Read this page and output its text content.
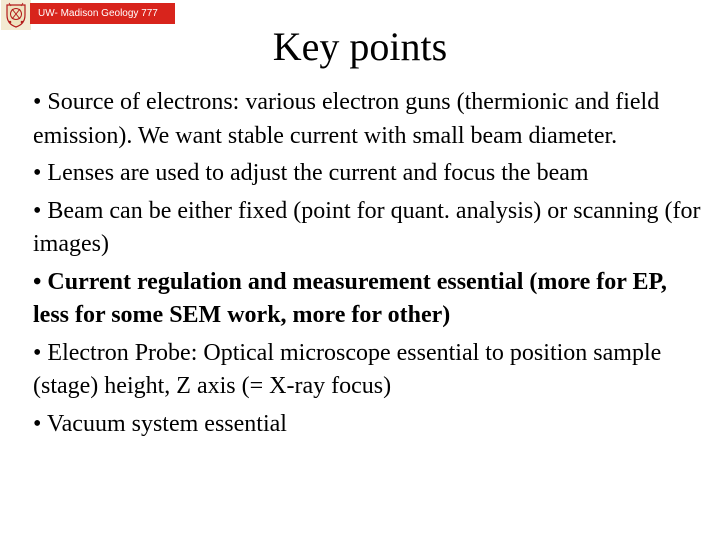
UW- Madison Geology 777
Key points
• Source of electrons: various electron guns (thermionic and field emission). We want stable current with small beam diameter.
• Lenses are used to adjust the current and focus the beam
• Beam can be either fixed (point for quant. analysis) or scanning (for images)
• Current regulation and measurement essential (more for EP, less for some SEM work, more for other)
• Electron Probe: Optical microscope essential to position sample (stage) height, Z axis (= X-ray focus)
• Vacuum system essential
